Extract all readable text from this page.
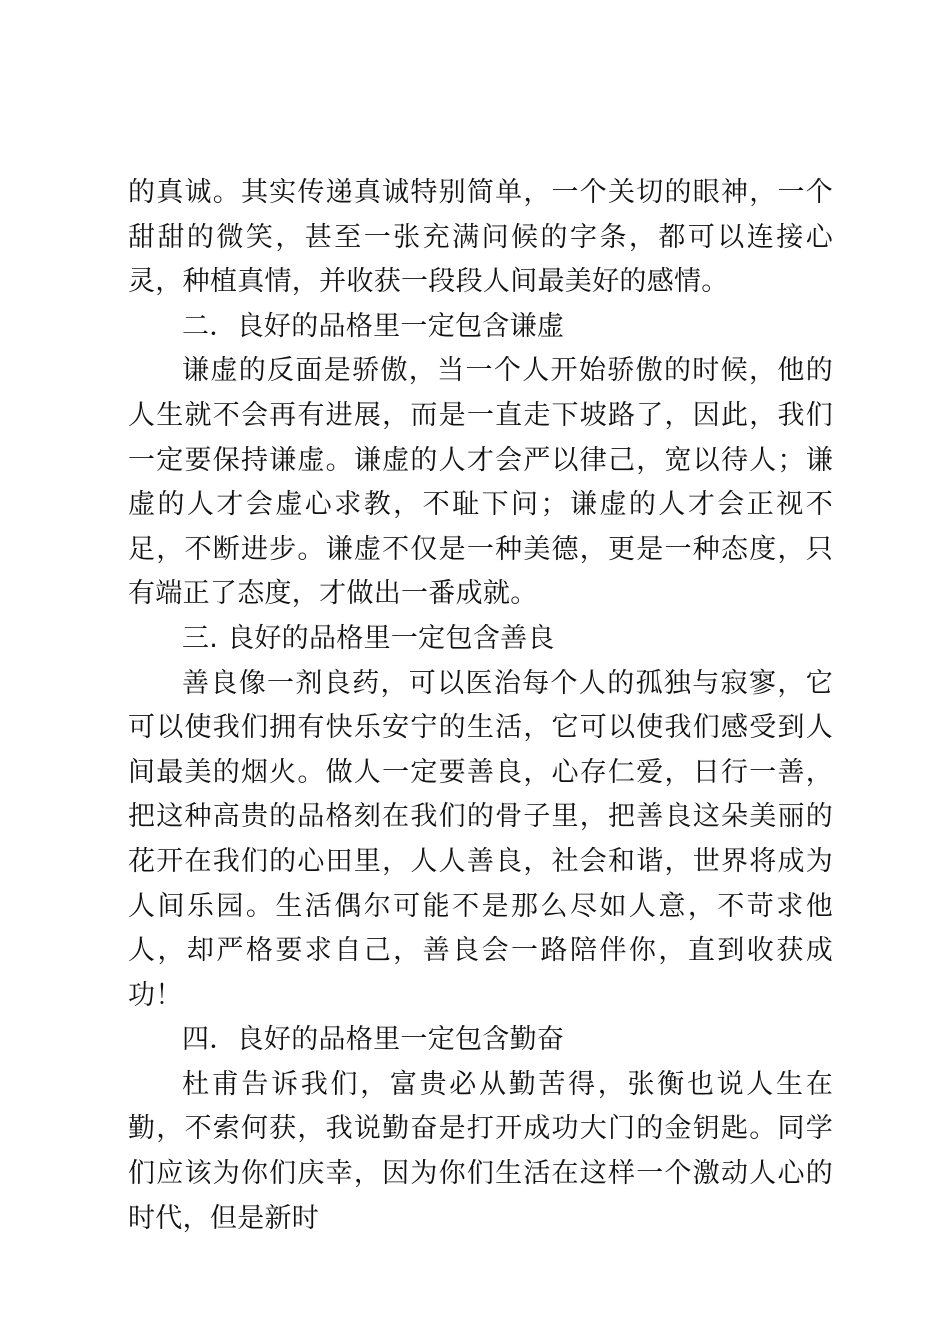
的真诚。其实传递真诚特别简单，一个关切的眼神，一个甜甜的微笑，甚至一张充满问候的字条，都可以连接心灵，种植真情，并收获一段段人间最美好的感情。

二．良好的品格里一定包含谦虚

谦虚的反面是骄傲，当一个人开始骄傲的时候，他的人生就不会再有进展，而是一直走下坡路了，因此，我们一定要保持谦虚。谦虚的人才会严以律己，宽以待人；谦虚的人才会虚心求教，不耻下问；谦虚的人才会正视不足，不断进步。谦虚不仅是一种美德，更是一种态度，只有端正了态度，才做出一番成就。

三. 良好的品格里一定包含善良

善良像一剂良药，可以医治每个人的孤独与寂寥，它可以使我们拥有快乐安宁的生活，它可以使我们感受到人间最美的烟火。做人一定要善良，心存仁爱，日行一善，把这种高贵的品格刻在我们的骨子里，把善良这朵美丽的花开在我们的心田里，人人善良，社会和谐，世界将成为人间乐园。生活偶尔可能不是那么尽如人意，不苛求他人，却严格要求自己，善良会一路陪伴你，直到收获成功！

四．良好的品格里一定包含勤奋

杜甫告诉我们，富贵必从勤苦得，张衡也说人生在勤，不索何获，我说勤奋是打开成功大门的金钥匙。同学们应该为你们庆幸，因为你们生活在这样一个激动人心的时代，但是新时
